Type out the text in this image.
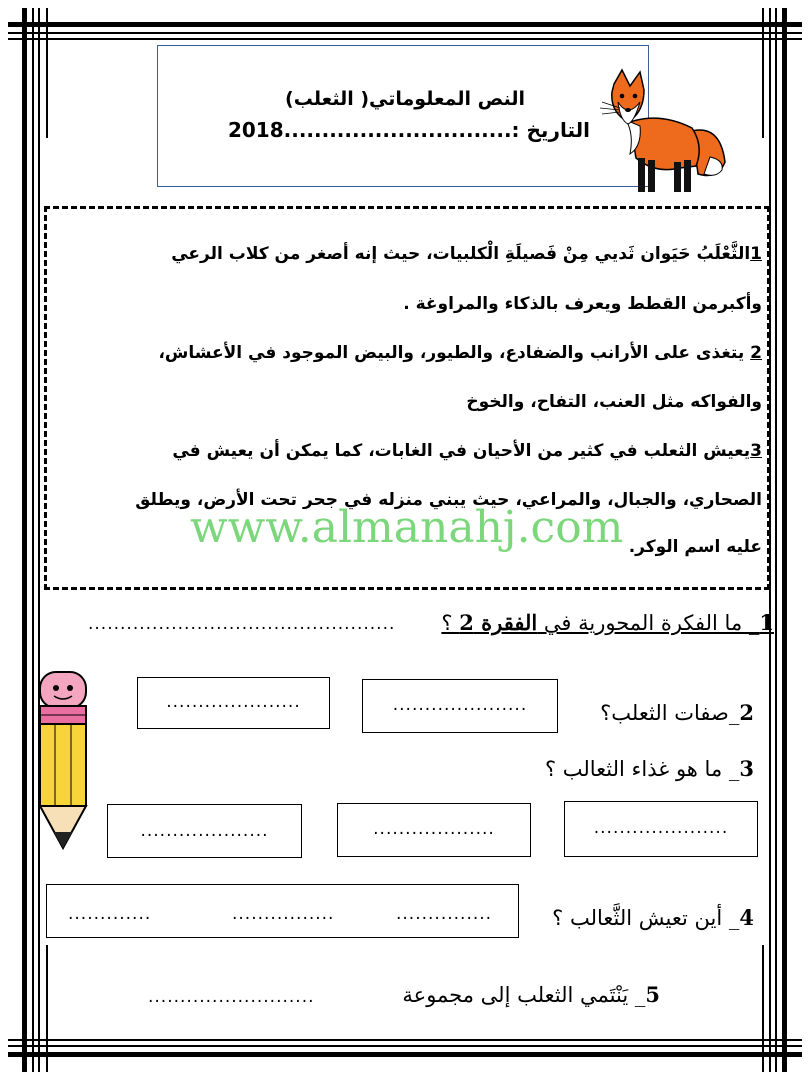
النص المعلوماتي( الثعلب)
التاريخ :..............................2018
1الثَّعْلَبُ حَيَوان ثَديي مِنْ فَصيلَةِ الْكلبيات، حيث إنه أصغر من كلاب الرعي
وأكبرمن القطط ويعرف بالذكاء والمراوغة .
2 يتغذى على الأرانب والضفادع، والطيور، والبيض الموجود في الأعشاش،
والفواكه مثل العنب، التفاح، والخوخ
3يعيش الثعلب في كثير من الأحيان في الغابات، كما يمكن أن يعيش في
الصحاري، والجبال، والمراعي، حيث يبني منزله في جحر تحت الأرض، ويطلق
عليه اسم الوكر.
www.almanahj.com
1_ ما الفكرة المحورية في الفقرة 2 ؟
................................................
2_صفات الثعلب؟
.....................	.....................
3_ ما هو غذاء الثعالب ؟
....................	...................	.....................
4_ أين تعيش الثَّعالب ؟
.............	................	...............
5_ يَنْتَمي الثعلب إلى مجموعة
..........................
